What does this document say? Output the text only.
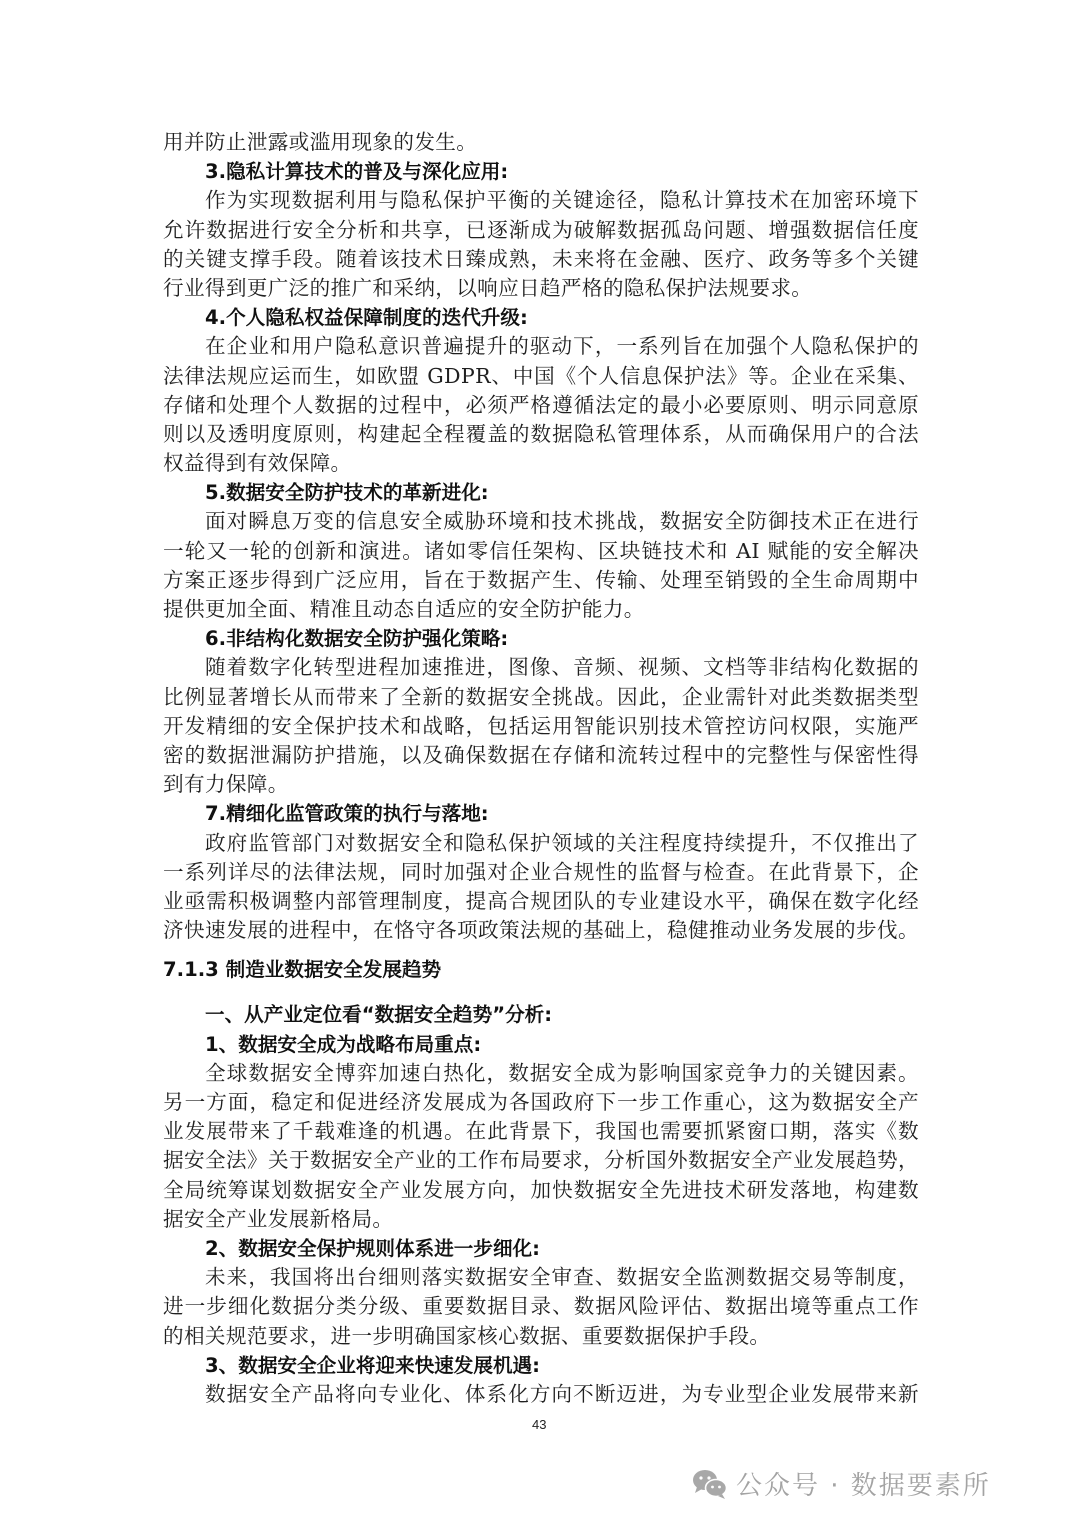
用并防止泄露或滥用现象的发生。
3.隐私计算技术的普及与深化应用:
作为实现数据利用与隐私保护平衡的关键途径，隐私计算技术在加密环境下
允许数据进行安全分析和共享，已逐渐成为破解数据孤岛问题、增强数据信任度
的关键支撑手段。随着该技术日臻成熟，未来将在金融、医疗、政务等多个关键
行业得到更广泛的推广和采纳，以响应日趋严格的隐私保护法规要求。
4.个人隐私权益保障制度的迭代升级:
在企业和用户隐私意识普遍提升的驱动下，一系列旨在加强个人隐私保护的
法律法规应运而生，如欧盟 GDPR、中国《个人信息保护法》等。企业在采集、
存储和处理个人数据的过程中，必须严格遵循法定的最小必要原则、明示同意原
则以及透明度原则，构建起全程覆盖的数据隐私管理体系，从而确保用户的合法
权益得到有效保障。
5.数据安全防护技术的革新进化:
面对瞬息万变的信息安全威胁环境和技术挑战，数据安全防御技术正在进行
一轮又一轮的创新和演进。诸如零信任架构、区块链技术和 AI 赋能的安全解决
方案正逐步得到广泛应用，旨在于数据产生、传输、处理至销毁的全生命周期中
提供更加全面、精准且动态自适应的安全防护能力。
6.非结构化数据安全防护强化策略:
随着数字化转型进程加速推进，图像、音频、视频、文档等非结构化数据的
比例显著增长从而带来了全新的数据安全挑战。因此，企业需针对此类数据类型
开发精细的安全保护技术和战略，包括运用智能识别技术管控访问权限，实施严
密的数据泄漏防护措施，以及确保数据在存储和流转过程中的完整性与保密性得
到有力保障。
7.精细化监管政策的执行与落地:
政府监管部门对数据安全和隐私保护领域的关注程度持续提升，不仅推出了
一系列详尽的法律法规，同时加强对企业合规性的监督与检查。在此背景下，企
业亟需积极调整内部管理制度，提高合规团队的专业建设水平，确保在数字化经
济快速发展的进程中，在恪守各项政策法规的基础上，稳健推动业务发展的步伐。
7.1.3 制造业数据安全发展趋势
一、从产业定位看“数据安全趋势”分析:
1、数据安全成为战略布局重点:
全球数据安全博弈加速白热化，数据安全成为影响国家竞争力的关键因素。
另一方面，稳定和促进经济发展成为各国政府下一步工作重心，这为数据安全产
业发展带来了千载难逢的机遇。在此背景下，我国也需要抓紧窗口期，落实《数
据安全法》关于数据安全产业的工作布局要求，分析国外数据安全产业发展趋势，
全局统筹谋划数据安全产业发展方向，加快数据安全先进技术研发落地，构建数
据安全产业发展新格局。
2、数据安全保护规则体系进一步细化:
未来，我国将出台细则落实数据安全审查、数据安全监测数据交易等制度，
进一步细化数据分类分级、重要数据目录、数据风险评估、数据出境等重点工作
的相关规范要求，进一步明确国家核心数据、重要数据保护手段。
3、数据安全企业将迎来快速发展机遇:
数据安全产品将向专业化、体系化方向不断迈进，为专业型企业发展带来新
43
公众号 · 数据要素所
